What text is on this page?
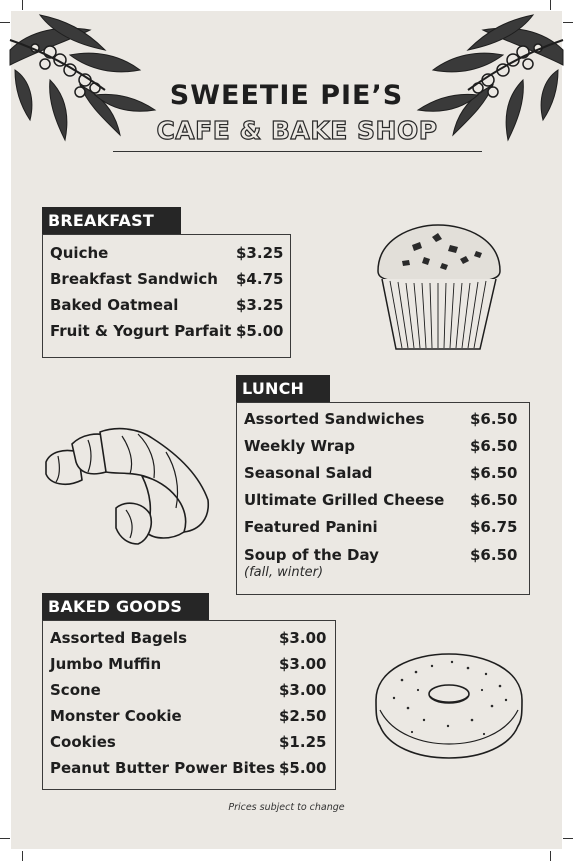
SWEETIE PIE’S
CAFE & BAKE SHOP
BREAKFAST
Quiche	$3.25
Breakfast Sandwich $4.75
Baked Oatmeal	$3.25
Fruit & Yogurt Parfait $5.00
LUNCH
Assorted Sandwiches	$6.50
Weekly Wrap	$6.50
Seasonal Salad	$6.50
Ultimate Grilled Cheese $6.50
Featured Panini	$6.75
Soup of the Day	$6.50
(fall, winter)
BAKED GOODS
Assorted Bagels	$3.00
Jumbo Muffin	$3.00
Scone	$3.00
Monster Cookie	$2.50
Cookies	$1.25
Peanut Butter Power Bites $5.00
Prices subject to change
